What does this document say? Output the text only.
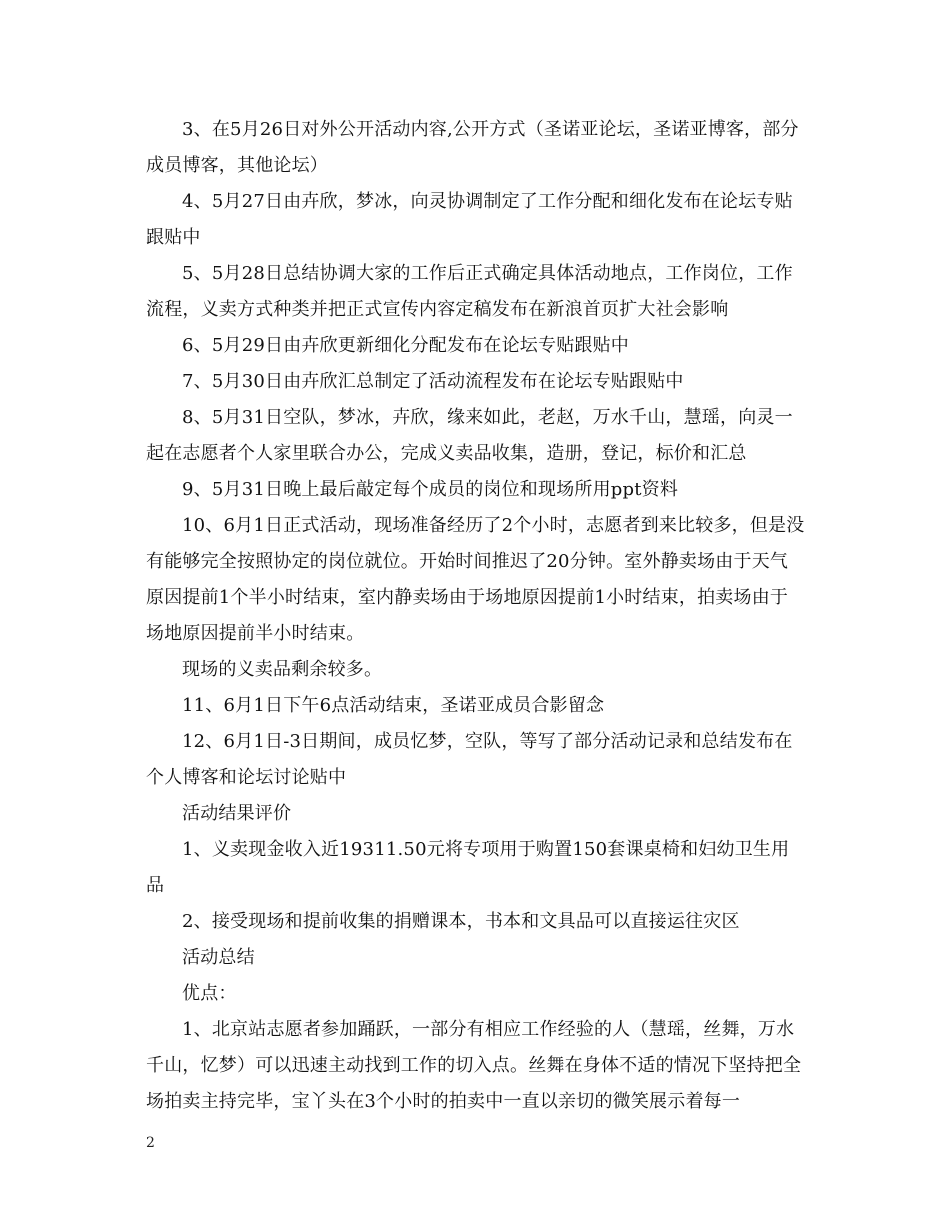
3、在5月26日对外公开活动内容,公开方式（圣诺亚论坛，圣诺亚博客，部分成员博客，其他论坛）

4、5月27日由卉欣，梦冰，向灵协调制定了工作分配和细化发布在论坛专贴跟贴中

5、5月28日总结协调大家的工作后正式确定具体活动地点，工作岗位，工作流程，义卖方式种类并把正式宣传内容定稿发布在新浪首页扩大社会影响

6、5月29日由卉欣更新细化分配发布在论坛专贴跟贴中

7、5月30日由卉欣汇总制定了活动流程发布在论坛专贴跟贴中

8、5月31日空队，梦冰，卉欣，缘来如此，老赵，万水千山，慧瑶，向灵一起在志愿者个人家里联合办公，完成义卖品收集，造册，登记，标价和汇总

9、5月31日晚上最后敲定每个成员的岗位和现场所用ppt资料

10、6月1日正式活动，现场准备经历了2个小时，志愿者到来比较多，但是没有能够完全按照协定的岗位就位。开始时间推迟了20分钟。室外静卖场由于天气原因提前1个半小时结束，室内静卖场由于场地原因提前1小时结束，拍卖场由于场地原因提前半小时结束。

现场的义卖品剩余较多。

11、6月1日下午6点活动结束，圣诺亚成员合影留念

12、6月1日-3日期间，成员忆梦，空队，等写了部分活动记录和总结发布在个人博客和论坛讨论贴中

活动结果评价

1、义卖现金收入近19311.50元将专项用于购置150套课桌椅和妇幼卫生用品

2、接受现场和提前收集的捐赠课本，书本和文具品可以直接运往灾区

活动总结

优点：

1、北京站志愿者参加踊跃，一部分有相应工作经验的人（慧瑶，丝舞，万水千山，忆梦）可以迅速主动找到工作的切入点。丝舞在身体不适的情况下坚持把全场拍卖主持完毕，宝丫头在3个小时的拍卖中一直以亲切的微笑展示着每一

2
